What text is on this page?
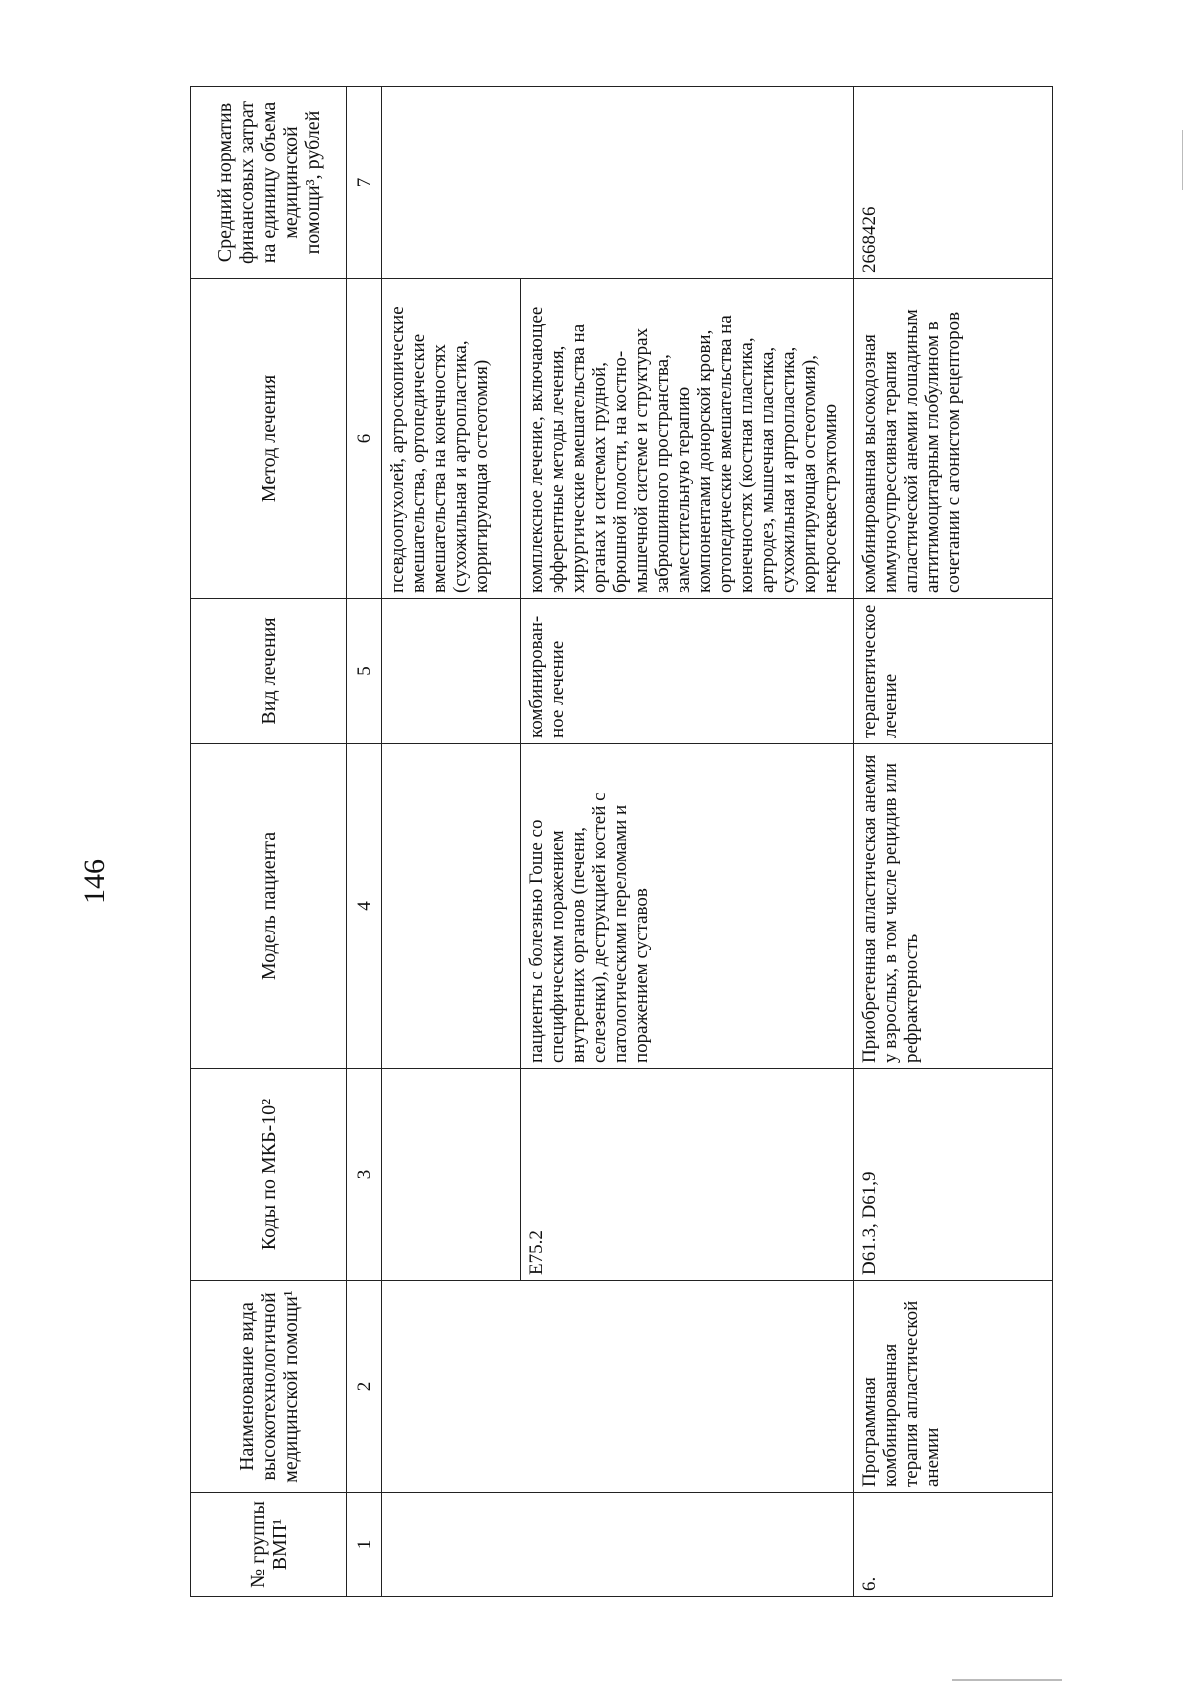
146
№ группы ВМП¹	Наименование вида высокотехнологичной медицинской помощи¹	Коды по МКБ-10²	Модель пациента	Вид лечения	Метод лечения	Средний норматив финансовых затрат на единицу объема медицинской помощи³, рублей
1	2	3	4	5	6	7
					псевдоопухолей, артроскопические вмешательства, ортопедические вмешательства на конечностях (сухожильная и артропластика, корригирующая остеотомия)	
		E75.2	пациенты с болезнью Гоше со специфическим поражением внутренних органов (печени, селезенки), деструкцией костей с патологическими переломами и поражением суставов	комбинирован-ное лечение	комплексное лечение, включающее эфферентные методы лечения, хирургические вмешательства на органах и системах грудной, брюшной полости, на костно-мышечной системе и структурах забрюшинного пространства, заместительную терапию компонентами донорской крови, ортопедические вмешательства на конечностях (костная пластика, артродез, мышечная пластика, сухожильная и артропластика, корригирующая остеотомия), некросеквестрэктомию	
6.	Программная комбинированная терапия апластической анемии	D61.3, D61,9	Приобретенная апластическая анемия у взрослых, в том числе рецидив или рефрактерность	терапевтическое лечение	комбинированная высокодозная иммуносупрессивная терапия апластической анемии лошадиным антитимоцитарным глобулином в сочетании с агонистом рецепторов	2668426
